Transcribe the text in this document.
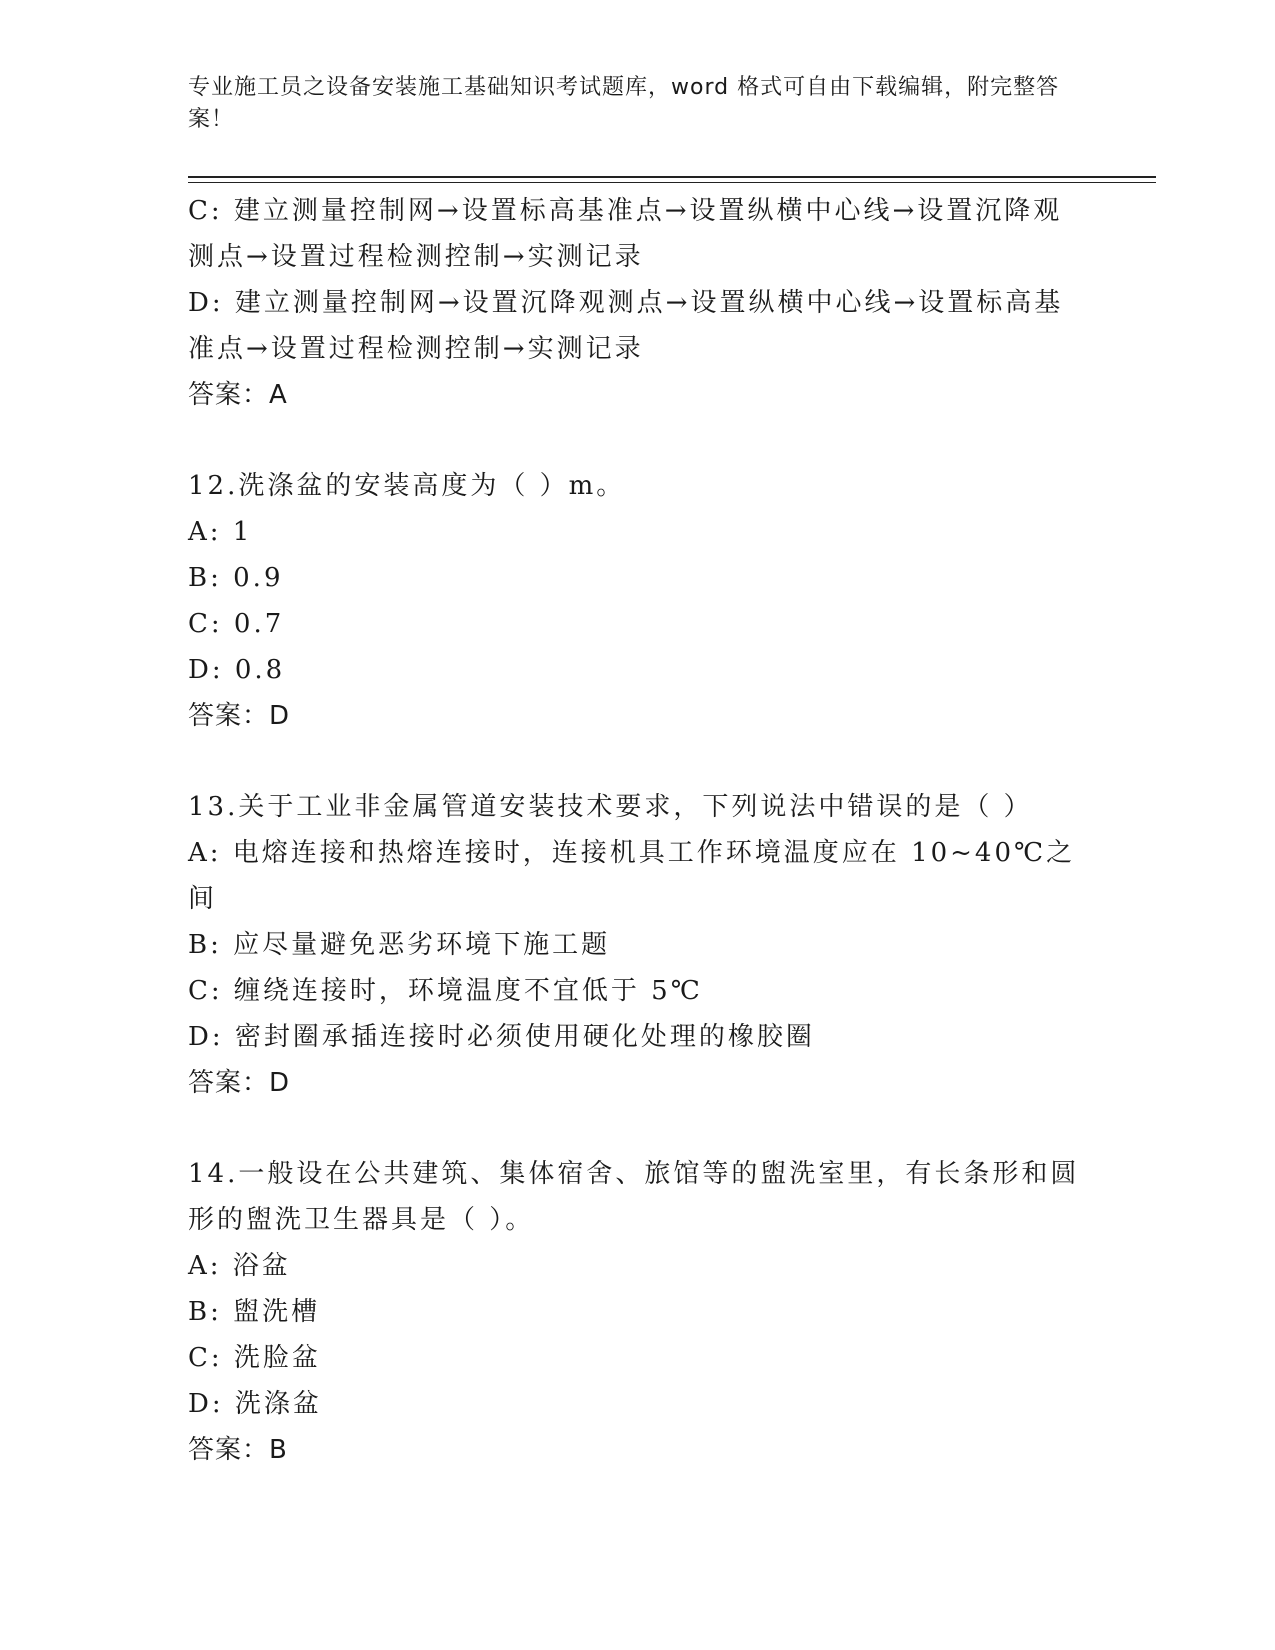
专业施工员之设备安装施工基础知识考试题库，word 格式可自由下载编辑，附完整答案！
C: 建立测量控制网→设置标高基准点→设置纵横中心线→设置沉降观测点→设置过程检测控制→实测记录
D: 建立测量控制网→设置沉降观测点→设置纵横中心线→设置标高基准点→设置过程检测控制→实测记录
答案：A
12.洗涤盆的安装高度为（ ）m。
A: 1
B: 0.9
C: 0.7
D: 0.8
答案：D
13.关于工业非金属管道安装技术要求，下列说法中错误的是（ ）
A: 电熔连接和热熔连接时，连接机具工作环境温度应在 10~40℃之间
B: 应尽量避免恶劣环境下施工题
C: 缠绕连接时，环境温度不宜低于 5℃
D: 密封圈承插连接时必须使用硬化处理的橡胶圈
答案：D
14.一般设在公共建筑、集体宿舍、旅馆等的盥洗室里，有长条形和圆形的盥洗卫生器具是（ ）。
A: 浴盆
B: 盥洗槽
C: 洗脸盆
D: 洗涤盆
答案：B
